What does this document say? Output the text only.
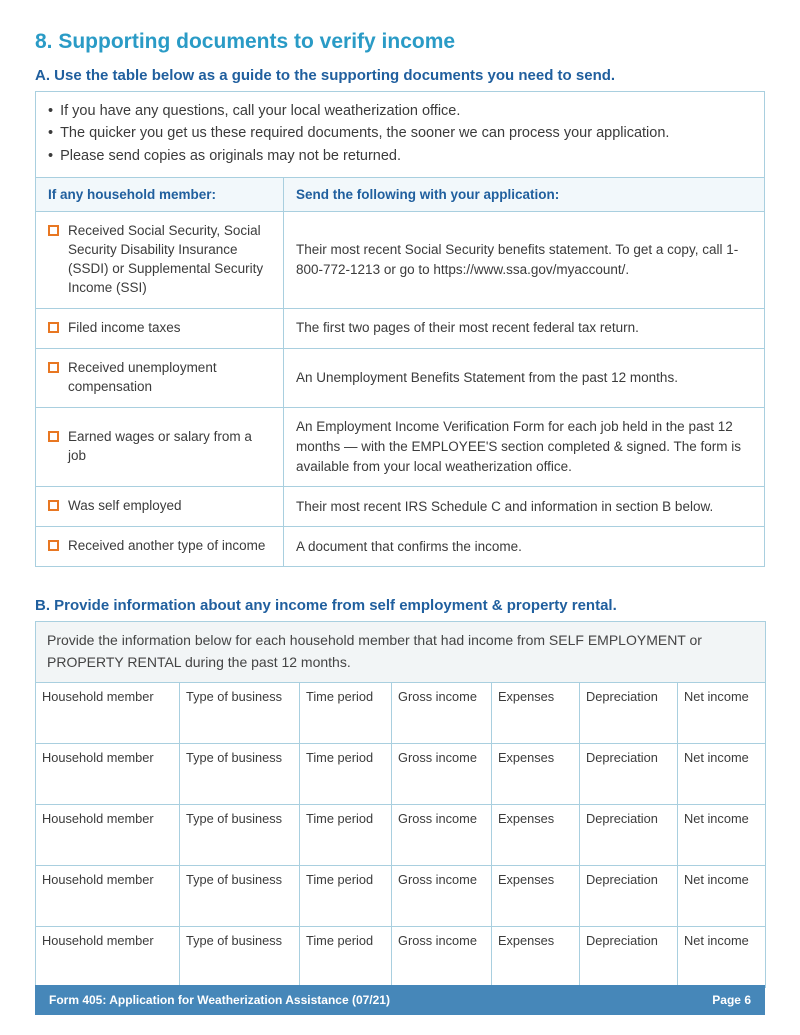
8. Supporting documents to verify income
A. Use the table below as a guide to the supporting documents you need to send.
• If you have any questions, call your local weatherization office.
• The quicker you get us these required documents, the sooner we can process your application.
• Please send copies as originals may not be returned.

If any household member:	Send the following with your application:

Received Social Security, Social Security Disability Insurance (SSDI) or Supplemental Security Income (SSI)	Their most recent Social Security benefits statement. To get a copy, call 1-800-772-1213 or go to https://www.ssa.gov/myaccount/.

Filed income taxes	The first two pages of their most recent federal tax return.

Received unemployment compensation	An Unemployment Benefits Statement from the past 12 months.

Earned wages or salary from a job	An Employment Income Verification Form for each job held in the past 12 months — with the EMPLOYEE'S section completed & signed. The form is available from your local weatherization office.

Was self employed	Their most recent IRS Schedule C and information in section B below.

Received another type of income	A document that confirms the income.
B. Provide information about any income from self employment & property rental.
Provide the information below for each household member that had income from SELF EMPLOYMENT or PROPERTY RENTAL during the past 12 months.						
Household member	Type of business	Time period	Gross income	Expenses	Depreciation	Net income
Household member	Type of business	Time period	Gross income	Expenses	Depreciation	Net income
Household member	Type of business	Time period	Gross income	Expenses	Depreciation	Net income
Household member	Type of business	Time period	Gross income	Expenses	Depreciation	Net income
Household member	Type of business	Time period	Gross income	Expenses	Depreciation	Net income
Form 405: Application for Weatherization Assistance (07/21)	Page 6
